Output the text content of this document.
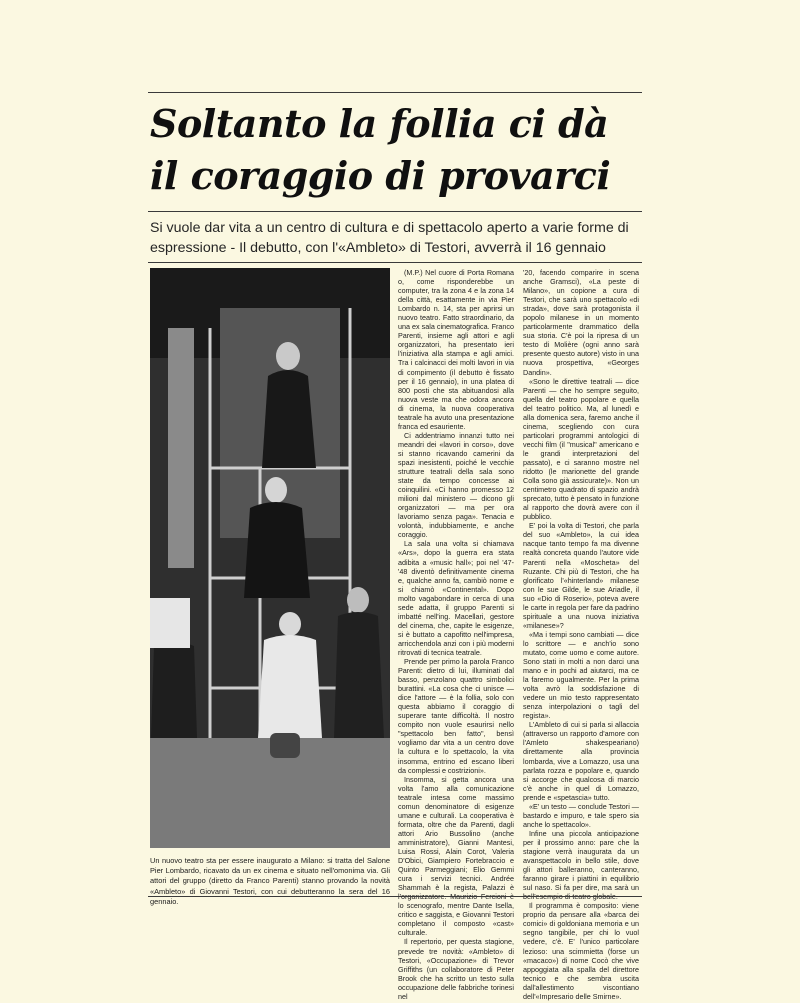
Soltanto la follia ci dà
il coraggio di provarci

Si vuole dar vita a un centro di cultura e di spettacolo aperto a varie forme di espressione - Il debutto, con l'«Ambleto» di Testori, avverrà il 16 gennaio

Un nuovo teatro sta per essere inaugurato a Milano: si tratta del Salone Pier Lombardo, ricavato da un ex cinema e situato nell'omonima via. Gli attori del gruppo (diretto da Franco Parenti) stanno provando la novità «Ambleto» di Giovanni Testori, con cui debutteranno la sera del 16 gennaio.

(M.P.) Nel cuore di Porta Romana o, come risponderebbe un computer, tra la zona 4 e la zona 14 della città, esattamente in via Pier Lombardo n. 14, sta per aprirsi un nuovo teatro. Fatto straordinario, da una ex sala cinematografica. Franco Parenti, insieme agli attori e agli organizzatori, ha presentato ieri l'iniziativa alla stampa e agli amici. Tra i calcinacci dei molti lavori in via di compimento (il debutto è fissato per il 16 gennaio), in una platea di 800 posti che sta abituandosi alla nuova veste ma che odora ancora di cinema, la nuova cooperativa teatrale ha avuto una presentazione franca ed esauriente.

Ci addentriamo innanzi tutto nei meandri dei «lavori in corso», dove si stanno ricavando camerini da spazi inesistenti, poiché le vecchie strutture teatrali della sala sono state da tempo concesse ai coinquilini. «Ci hanno promesso 12 milioni dal ministero — dicono gli organizzatori — ma per ora lavoriamo senza paga». Tenacia e volontà, indubbiamente, e anche coraggio.

La sala una volta si chiamava «Ars», dopo la guerra era stata adibita a «music hall»; poi nel '47-'48 diventò definitivamente cinema e, qualche anno fa, cambiò nome e si chiamò «Continental». Dopo molto vagabondare in cerca di una sede adatta, il gruppo Parenti si imbatté nell'ing. Macellari, gestore del cinema, che, capite le esigenze, si è buttato a capofitto nell'impresa, arricchendola anzi con i più moderni ritrovati di tecnica teatrale.

Prende per primo la parola Franco Parenti: dietro di lui, illuminati dal basso, penzolano quattro simbolici burattini. «La cosa che ci unisce — dice l'attore — è la follia, solo con questa abbiamo il coraggio di superare tante difficoltà. Il nostro compito non vuole esaurirsi nello "spettacolo ben fatto", bensì vogliamo dar vita a un centro dove la cultura e lo spettacolo, la vita insomma, entrino ed escano liberi da complessi e costrizioni».

Insomma, si getta ancora una volta l'amo alla comunicazione teatrale intesa come massimo comun denominatore di esigenze umane e culturali. La cooperativa è formata, oltre che da Parenti, dagli attori Ario Bussolino (anche amministratore), Gianni Mantesi, Luisa Rossi, Alain Corot, Valeria D'Obici, Giampiero Fortebraccio e Quinto Parmeggiani; Elio Gemmi cura i servizi tecnici. Andrée Shammah è la regista, Palazzi è lo scenografo, mentre Dante Isella, critico e saggista, e Giovanni Testori completano il composto «cast» culturale.

Il repertorio, per questa stagione, prevede tre novità: «Ambleto» di Testori, «Occupazione» di Trevor Griffiths (un collaboratore di Peter Brook che ha scritto un testo sulla occupazione delle fabbriche torinesi nel

'20, facendo comparire in scena anche Gramsci), «La peste di Milano», un copione a cura di Testori, che sarà uno spettacolo «di strada», dove sarà protagonista il popolo milanese in un momento particolarmente drammatico della sua storia. C'è poi la ripresa di un testo di Molière (ogni anno sarà presente questo autore) visto in una nuova prospettiva, «Georges Dandin».

«Sono le direttive teatrali — dice Parenti — che ho sempre seguito, quella del teatro popolare e quella del teatro politico. Ma, al lunedì e alla domenica sera, faremo anche il cinema, scegliendo con cura particolari programmi antologici di vecchi film (il "musical" americano e le grandi interpretazioni del passato), e ci saranno mostre nel ridotto (le marionette del grande Colla sono già assicurate)». Non un centimetro quadrato di spazio andrà sprecato, tutto è pensato in funzione al rapporto che dovrà avere con il pubblico.

E' poi la volta di Testori, che parla del suo «Ambleto», la cui idea nacque tanto tempo fa ma divenne realtà concreta quando l'autore vide Parenti nella «Moscheta» del Ruzante. Chi più di Testori, che ha glorificato l'«hinterland» milanese con le sue Gilde, le sue Ariadle, il suo «Dio di Roserio», poteva avere le carte in regola per fare da padrino spirituale a una nuova iniziativa «milanese»?

«Ma i tempi sono cambiati — dice lo scrittore — e anch'io sono mutato, come uomo e come autore. Sono stati in molti a non darci una mano e in pochi ad aiutarci, ma ce la faremo ugualmente. Per la prima volta avrò la soddisfazione di vedere un mio testo rappresentato senza interpolazioni o tagli del regista».

L'Ambleto di cui si parla si allaccia (attraverso un rapporto d'amore con l'Amleto shakespeariano) direttamente alla provincia lombarda, vive a Lomazzo, usa una parlata rozza e popolare e, quando si accorge che qualcosa di marcio c'è anche in quel di Lomazzo, prende e «spetascia» tutto.

«E' un testo — conclude Testori — bastardo e impuro, e tale spero sia anche lo spettacolo».

Infine una piccola anticipazione per il prossimo anno: pare che la stagione verrà inaugurata da un avanspettacolo in bello stile, dove gli attori balleranno, canteranno, faranno girare i piattini in equilibrio sul naso. Si fa per dire, ma sarà un

Il programma è composito: viene proprio da pensare alla «barca dei comici» di goldoniana memoria e un segno tangibile, per chi lo vuol vedere, c'è. E' l'unico particolare lezioso: una scimmietta (forse un «macaco») di nome Cocò che vive appoggiata alla spalla del direttore tecnico e che sembra uscita dall'allestimento viscontiano dell'«Impresario delle Smirne».
